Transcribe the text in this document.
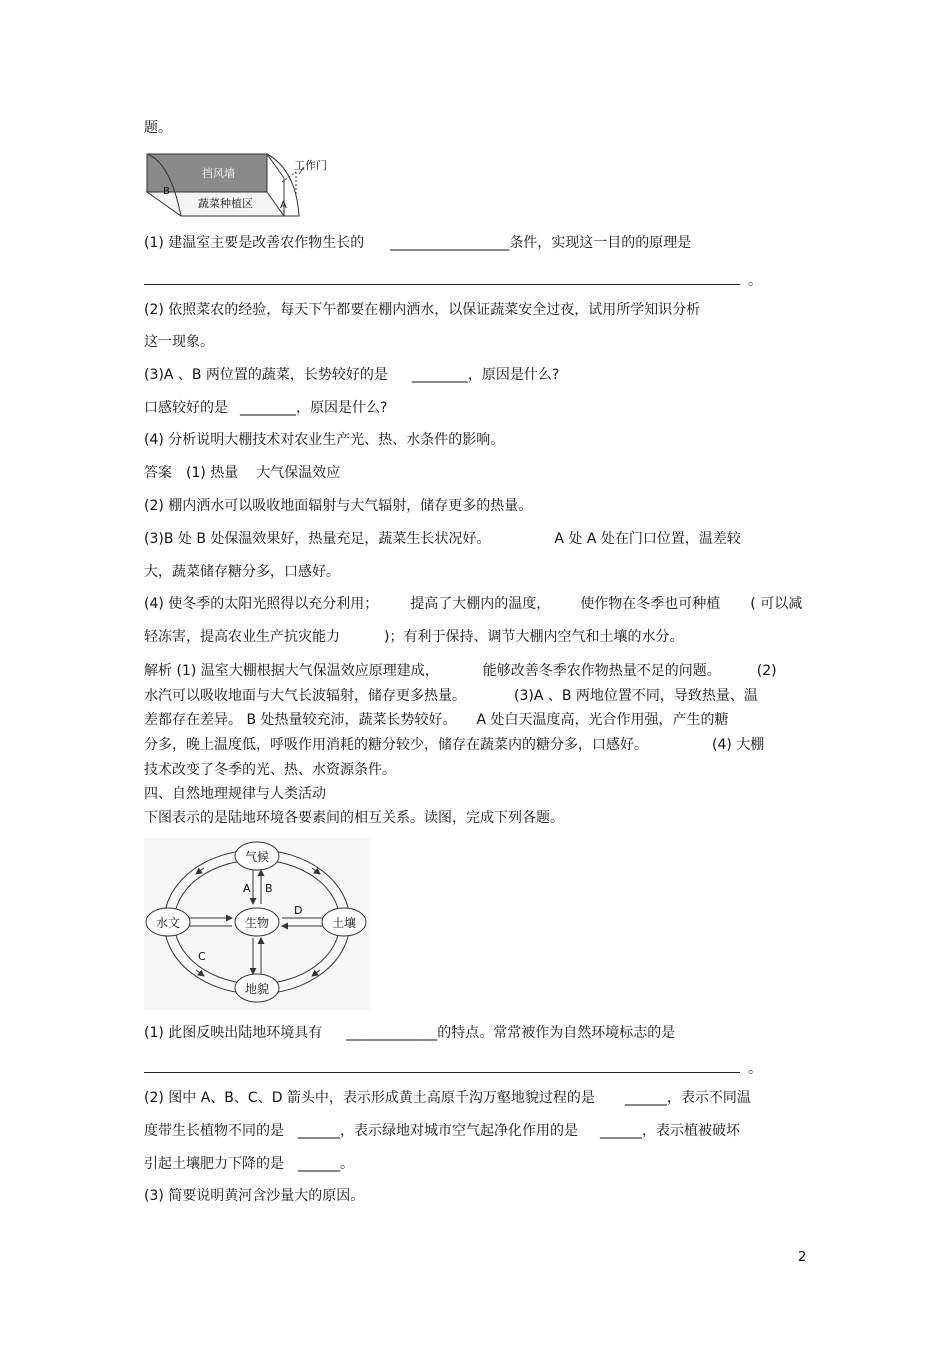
题。
挡风墙
工作门
蔬菜种植区
B
A
(1) 建温室主要是改善农作物生长的 _________________条件，实现这一目的的原理是
。
(2) 依照菜农的经验，每天下午都要在棚内洒水，以保证蔬菜安全过夜，试用所学知识分析
这一现象。
(3)A 、B 两位置的蔬菜，长势较好的是 ________，原因是什么?
口感较好的是 ________，原因是什么?
(4) 分析说明大棚技术对农业生产光、热、水条件的影响。
答案 (1) 热量 大气保温效应
(2) 棚内洒水可以吸收地面辐射与大气辐射，储存更多的热量。
(3)B 处 B 处保温效果好，热量充足，蔬菜生长状况好。	A 处 A 处在门口位置，温差较
大，蔬菜储存糖分多，口感好。
(4) 使冬季的太阳光照得以充分利用； 提高了大棚内的温度， 使作物在冬季也可种植 ( 可以减
轻冻害，提高农业生产抗灾能力	)；有利于保持、调节大棚内空气和土壤的水分。
解析 (1) 温室大棚根据大气保温效应原理建成，	能够改善冬季农作物热量不足的问题。	(2)
水汽可以吸收地面与大气长波辐射，储存更多热量。	(3)A 、B 两地位置不同，导致热量、温
差都存在差异。 B 处热量较充沛，蔬菜长势较好。 A 处白天温度高，光合作用强，产生的糖
分多，晚上温度低，呼吸作用消耗的糖分较少，储存在蔬菜内的糖分多，口感好。	(4) 大棚
技术改变了冬季的光、热、水资源条件。
四、自然地理规律与人类活动
下图表示的是陆地环境各要素间的相互关系。读图，完成下列各题。
气候
水文	生物	土壤
地貌
A B
C
D
(1) 此图反映出陆地环境具有 _____________的特点。常常被作为自然环境标志的是
。
(2) 图中 A、B、C、D 箭头中，表示形成黄土高原千沟万壑地貌过程的是 ______，表示不同温
度带生长植物不同的是 ______，表示绿地对城市空气起净化作用的是 ______，表示植被破坏
引起土壤肥力下降的是 ______。
(3) 简要说明黄河含沙量大的原因。
2
